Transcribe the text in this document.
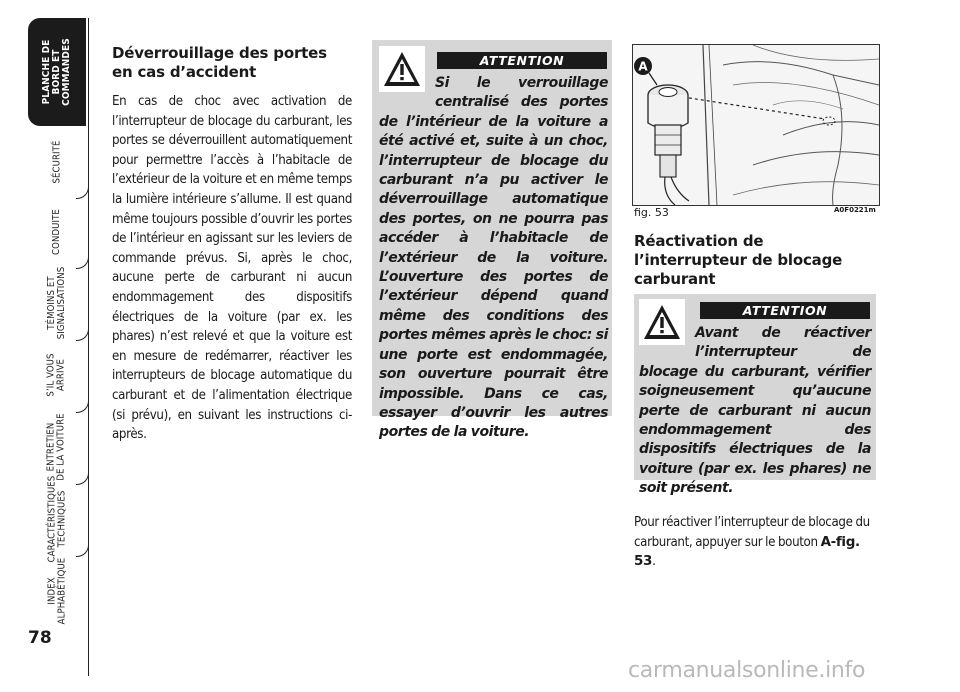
PLANCHE DE
BORD ET
COMMANDES
SÉCURITÉ
CONDUITE
TÉMOINS ET
SIGNALISATIONS
S’IL VOUS
ARRIVE
ENTRETIEN
DE LA VOITURE
CARACTÉRISTIQUES
TECHNIQUES
INDEX
ALPHABÉTIQUE
78
Déverrouillage des portes en cas d’accident

En cas de choc avec activation de l’interrupteur de blocage du carburant, les portes se déverrouillent automatiquement pour permettre l’accès à l’habitacle de l’extérieur de la voiture et en même temps la lumière intérieure s’allume. Il est quand même toujours possible d’ouvrir les portes de l’intérieur en agissant sur les leviers de commande prévus. Si, après le choc, aucune perte de carburant ni aucun endommagement des dispositifs électriques de la voiture (par ex. les phares) n’est relevé et que la voiture est en mesure de redémarrer, réactiver les interrupteurs de blocage automatique du carburant et de l’alimentation électrique (si prévu), en suivant les instructions ci-après.

ATTENTION
Si le verrouillage centralisé des portes de l’intérieur de la voiture a été activé et, suite à un choc, l’interrupteur de blocage du carburant n’a pu activer le déverrouillage automatique des portes, on ne pourra pas accéder à l’habitacle de l’extérieur de la voiture. L’ouverture des portes de l’extérieur dépend quand même des conditions des portes mêmes après le choc: si une porte est endommagée, son ouverture pourrait être impossible. Dans ce cas, essayer d’ouvrir les autres portes de la voiture.
A
fig. 53	A0F0221m
Réactivation de l’interrupteur de blocage carburant
ATTENTION
Avant de réactiver l’interrupteur de blocage du carburant, vérifier soigneusement qu’aucune perte de carburant ni aucun endommagement des dispositifs électriques de la voiture (par ex. les phares) ne soit présent.

Pour réactiver l’interrupteur de blocage du carburant, appuyer sur le bouton A-fig. 53.

carmanualsonline.info
